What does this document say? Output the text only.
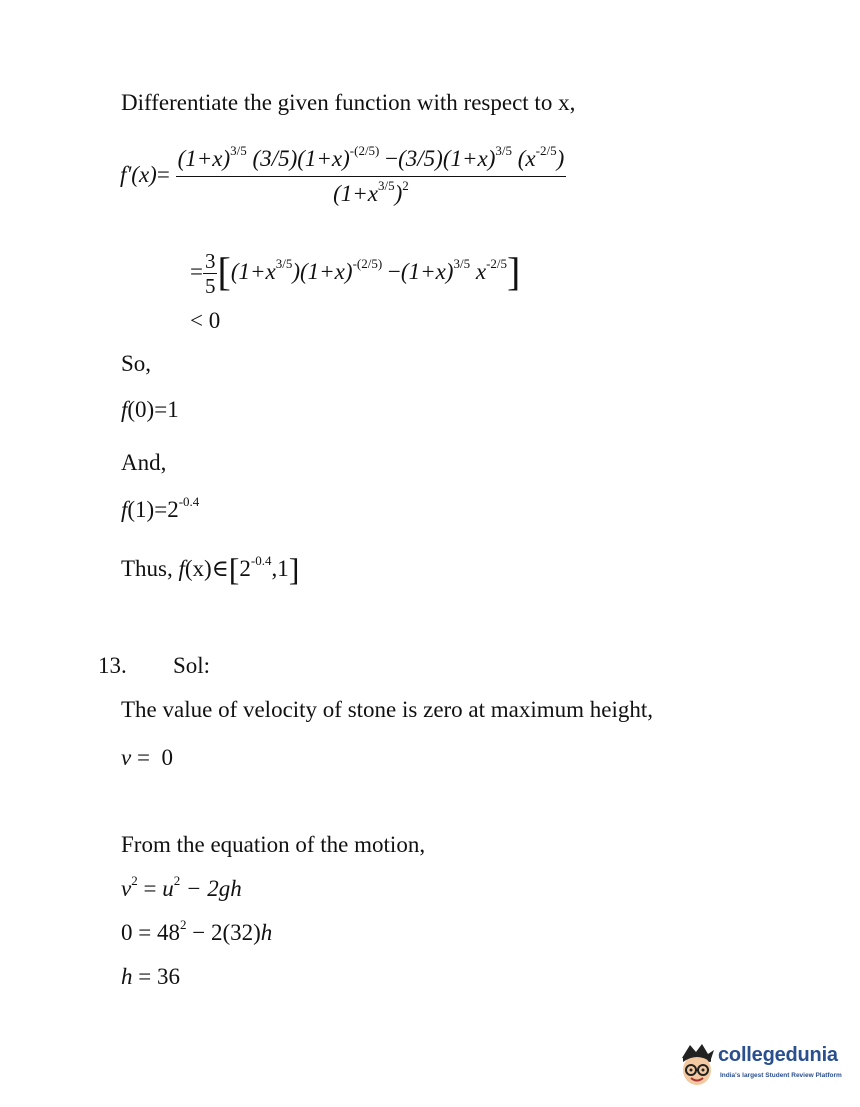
Differentiate the given function with respect to x,
$f'(x)= \frac{(1+x)^{3/5} (3/5)(1+x)^{-(2/5)} -(3/5)(1+x)^{3/5} (x^{-2/5})}{(1+x^{3/5})^2}$
= $\frac{3}{5} [(1+x^{3/5})(1+x)^{-(2/5)} -(1+x)^{3/5}$ $x^{-2/5}$]
< 0
So,
f(0)=1
And,
$f(1)=2^{-0.4}$
Thus, $f(x)\in[2^{-0.4},1]$
13. Sol:
The value of velocity of stone is zero at maximum height,
v =  0
From the equation of the motion,
$v^2 = u^2 - 2gh$
$0 = 48^2 - 2(32)h$
h = 36
collegedunia
India's largest Student Review Platform
